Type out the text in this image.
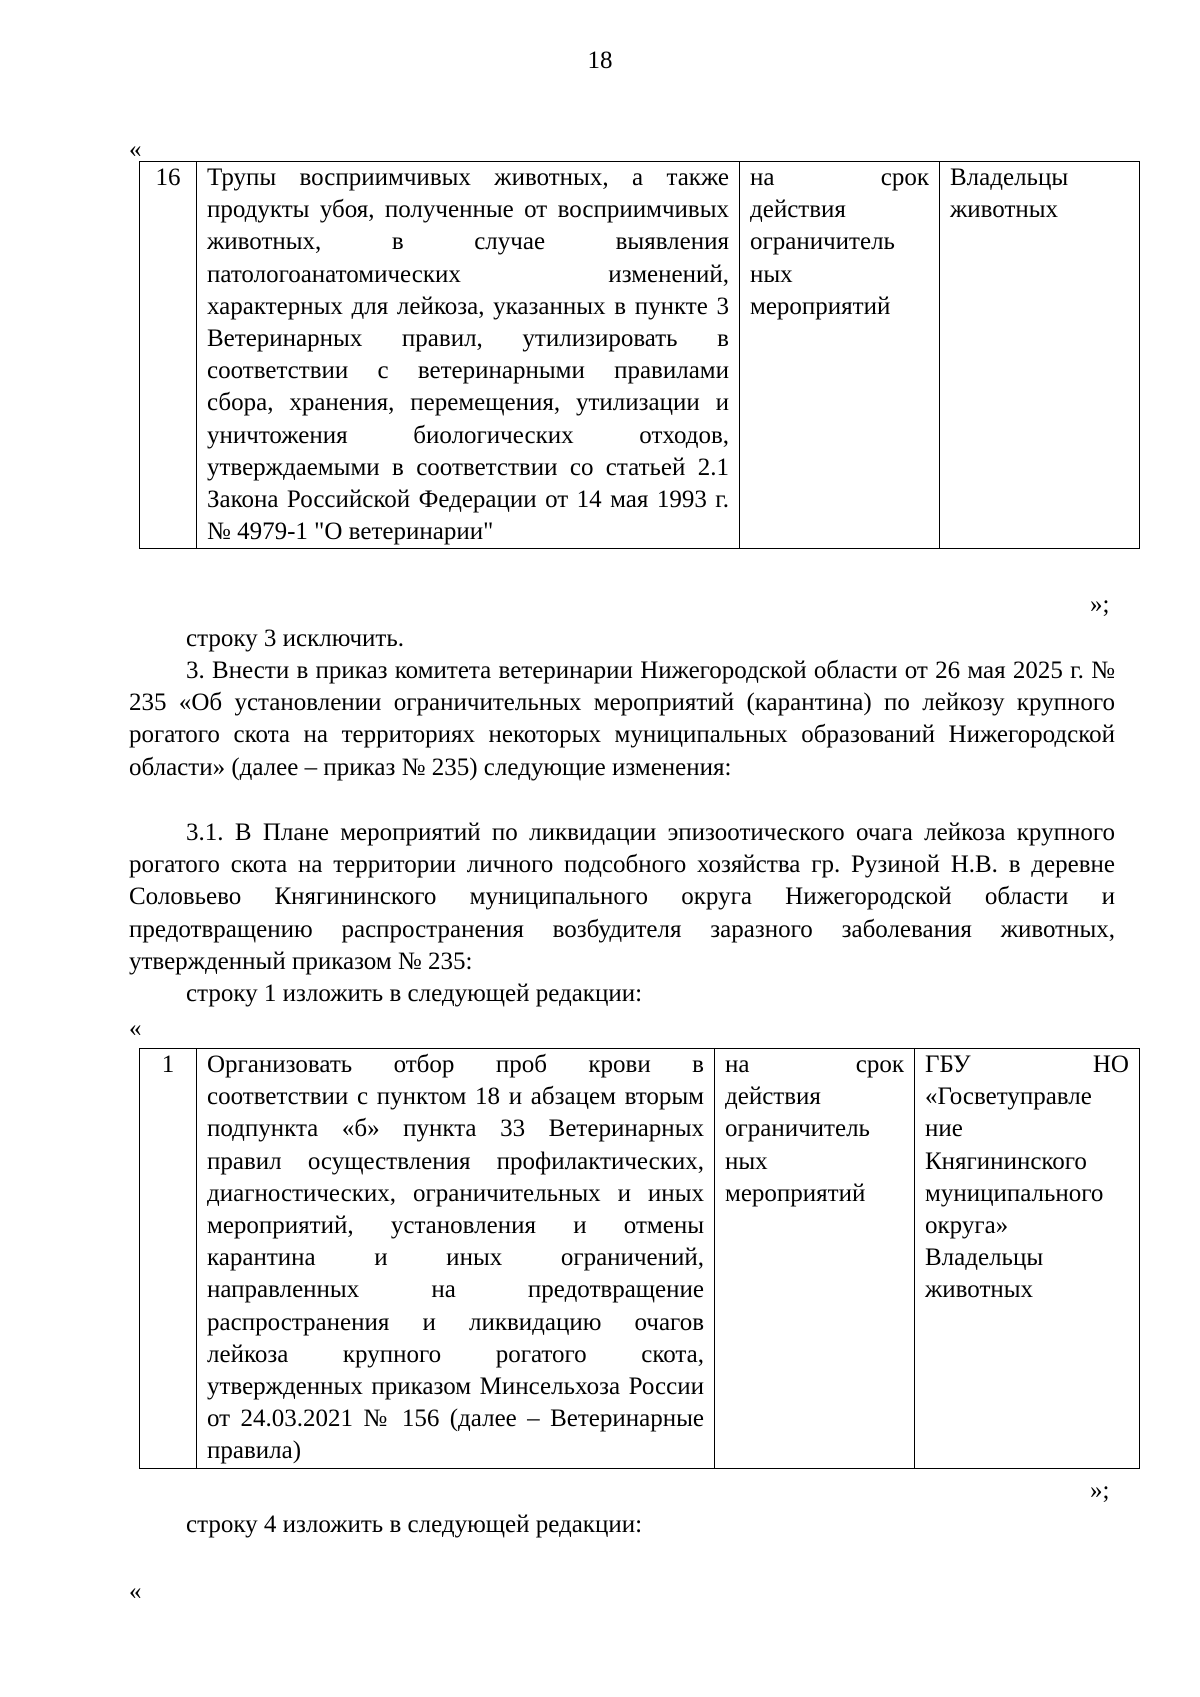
18
«
16	Трупы восприимчивых животных, а также продукты убоя, полученные от восприимчивых животных, в случае выявления патологоанатомических изменений, характерных для лейкоза, указанных в пункте 3 Ветеринарных правил, утилизировать в соответствии с ветеринарными правилами сбора, хранения, перемещения, утилизации и уничтожения биологических отходов, утверждаемыми в соответствии со статьей 2.1 Закона Российской Федерации от 14 мая 1993 г. № 4979-1 "О ветеринарии"	на срок действия ограничитель ных мероприятий	Владельцы животных
»;
строку 3 исключить.
3. Внести в приказ комитета ветеринарии Нижегородской области от 26 мая 2025 г. № 235 «Об установлении ограничительных мероприятий (карантина) по лейкозу крупного рогатого скота на территориях некоторых муниципальных образований Нижегородской области» (далее – приказ № 235) следующие изменения:
3.1. В Плане мероприятий по ликвидации эпизоотического очага лейкоза крупного рогатого скота на территории личного подсобного хозяйства гр. Рузиной Н.В. в деревне Соловьево Княгининского муниципального округа Нижегородской области и предотвращению распространения возбудителя заразного заболевания животных, утвержденный приказом № 235:
строку 1 изложить в следующей редакции:
«
1	Организовать отбор проб крови в соответствии с пунктом 18 и абзацем вторым подпункта «б» пункта 33 Ветеринарных правил осуществления профилактических, диагностических, ограничительных и иных мероприятий, установления и отмены карантина и иных ограничений, направленных на предотвращение распространения и ликвидацию очагов лейкоза крупного рогатого скота, утвержденных приказом Минсельхоза России от 24.03.2021 № 156 (далее – Ветеринарные правила)	на срок действия ограничитель ных мероприятий	ГБУ НО «Госветуправле ние Княгининского муниципального округа» Владельцы животных
»;
строку 4 изложить в следующей редакции:
«
